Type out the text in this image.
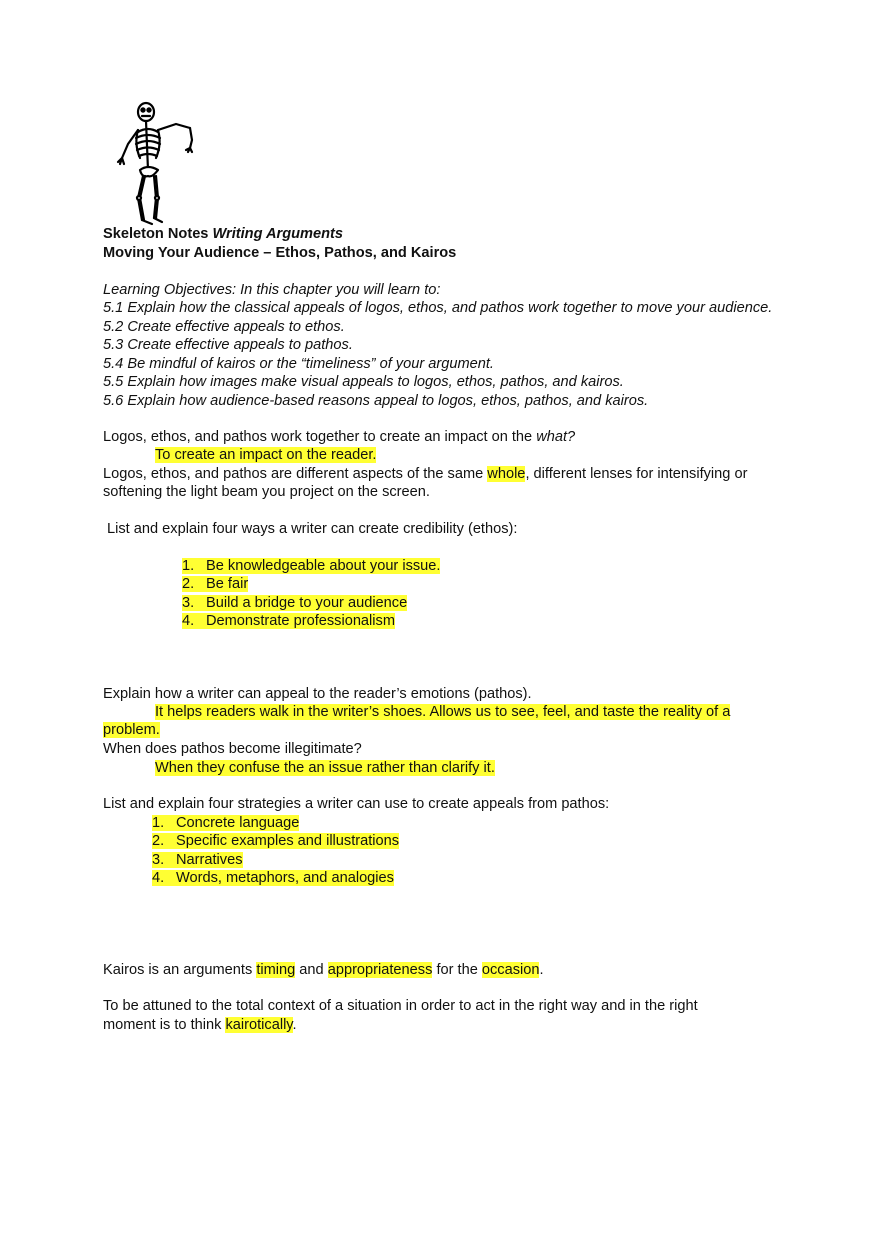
Skeleton Notes Writing Arguments
Moving Your Audience – Ethos, Pathos, and Kairos
Learning Objectives: In this chapter you will learn to:
5.1 Explain how the classical appeals of logos, ethos, and pathos work together to move your audience.
5.2 Create effective appeals to ethos.
5.3 Create effective appeals to pathos.
5.4 Be mindful of kairos or the “timeliness” of your argument.
5.5 Explain how images make visual appeals to logos, ethos, pathos, and kairos.
5.6 Explain how audience-based reasons appeal to logos, ethos, pathos, and kairos.
Logos, ethos, and pathos work together to create an impact on the what?
To create an impact on the reader.
Logos, ethos, and pathos are different aspects of the same whole, different lenses for intensifying or
softening the light beam you project on the screen.
List and explain four ways a writer can create credibility (ethos):
1. Be knowledgeable about your issue.
2. Be fair
3. Build a bridge to your audience
4. Demonstrate professionalism
Explain how a writer can appeal to the reader’s emotions (pathos).
It helps readers walk in the writer’s shoes. Allows us to see, feel, and taste the reality of a
problem.
When does pathos become illegitimate?
When they confuse the an issue rather than clarify it.
List and explain four strategies a writer can use to create appeals from pathos:
1. Concrete language
2. Specific examples and illustrations
3. Narratives
4. Words, metaphors, and analogies
Kairos is an arguments timing and appropriateness for the occasion.
To be attuned to the total context of a situation in order to act in the right way and in the right
moment is to think kairotically.
